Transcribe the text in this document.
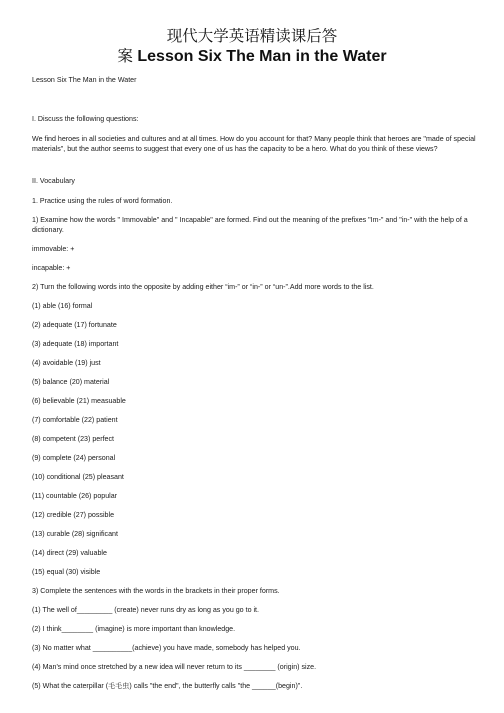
现代大学英语精读课后答
案 Lesson Six The Man in the Water
Lesson Six The Man in the Water
I. Discuss the following questions:
We find heroes in all societies and cultures and at all times. How do you account for that? Many people think that heroes are "made of special materials", but the author seems to suggest that every one of us has the capacity to be a hero. What do you think of these views?
II. Vocabulary
1. Practice using the rules of word formation.
1) Examine how the words " Immovable" and " Incapable" are formed. Find out the meaning of the prefixes "Im-" and "in-" with the help of a dictionary.
immovable: +
incapable: +
2) Turn the following words into the opposite by adding either “im-” or “in-” or “un-”.Add more words to the list.
(1) able (16) formal
(2) adequate (17) fortunate
(3) adequate (18) important
(4) avoidable (19) just
(5) balance (20) material
(6) believable (21) measuable
(7) comfortable (22) patient
(8) competent (23) perfect
(9) complete (24) personal
(10) conditional (25) pleasant
(11) countable (26) popular
(12) credible (27) possible
(13) curable (28) significant
(14) direct (29) valuable
(15) equal (30) visible
3) Complete the sentences with the words in the brackets in their proper forms.
(1) The well of_________ (create) never runs dry as long as you go to it.
(2) I think________ (imagine) is more important than knowledge.
(3) No matter what __________(achieve) you have made, somebody has helped you.
(4) Man's mind once stretched by a new idea will never return to its ________ (origin) size.
(5) What the caterpillar (毛毛虫) calls "the end", the butterfly calls "the ______(begin)".
